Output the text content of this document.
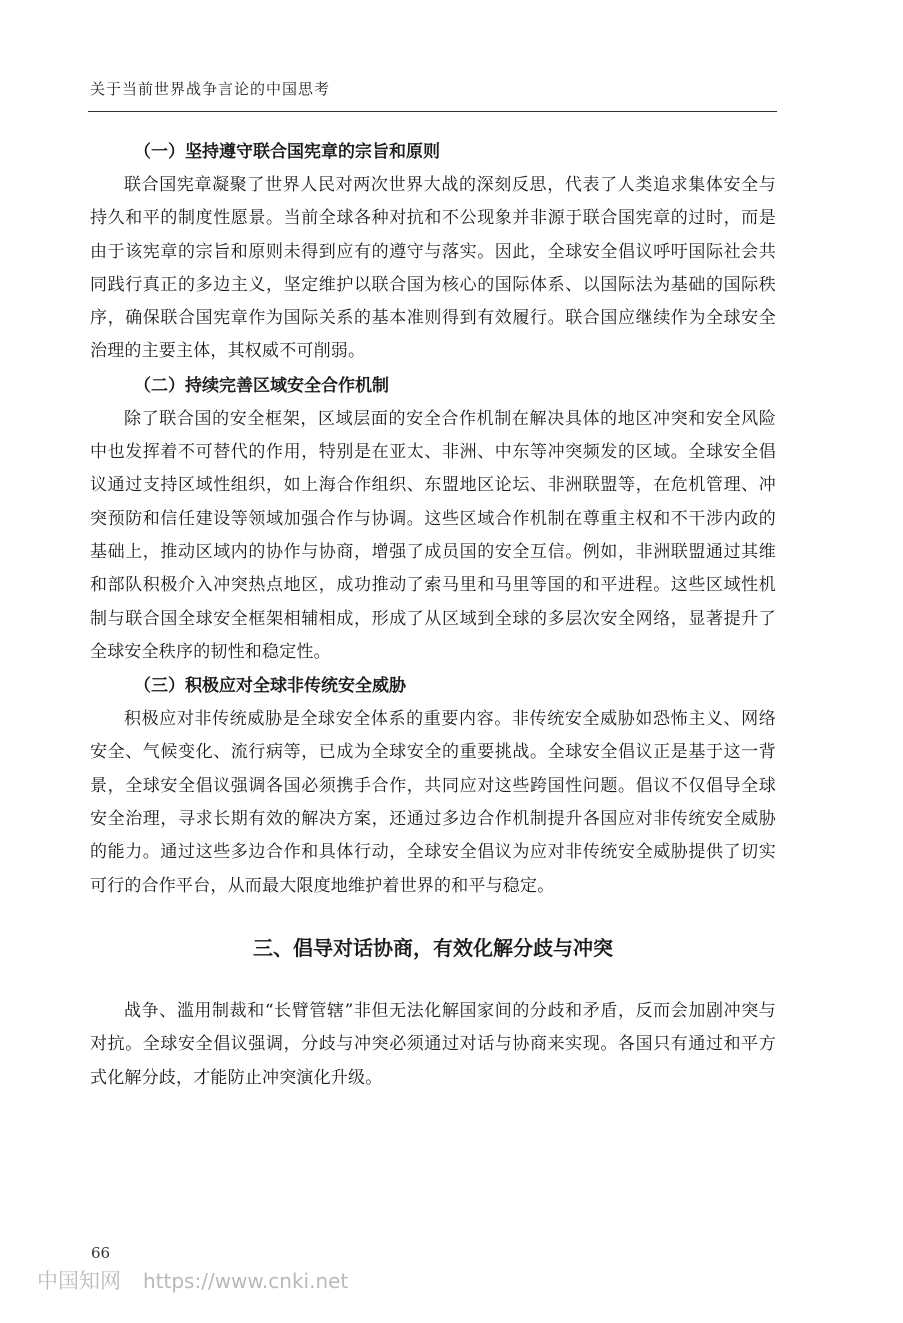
关于当前世界战争言论的中国思考
（一）坚持遵守联合国宪章的宗旨和原则

联合国宪章凝聚了世界人民对两次世界大战的深刻反思，代表了人类追求集体安全与持久和平的制度性愿景。当前全球各种对抗和不公现象并非源于联合国宪章的过时，而是由于该宪章的宗旨和原则未得到应有的遵守与落实。因此，全球安全倡议呼吁国际社会共同践行真正的多边主义，坚定维护以联合国为核心的国际体系、以国际法为基础的国际秩序，确保联合国宪章作为国际关系的基本准则得到有效履行。联合国应继续作为全球安全治理的主要主体，其权威不可削弱。

（二）持续完善区域安全合作机制

除了联合国的安全框架，区域层面的安全合作机制在解决具体的地区冲突和安全风险中也发挥着不可替代的作用，特别是在亚太、非洲、中东等冲突频发的区域。全球安全倡议通过支持区域性组织，如上海合作组织、东盟地区论坛、非洲联盟等，在危机管理、冲突预防和信任建设等领域加强合作与协调。这些区域合作机制在尊重主权和不干涉内政的基础上，推动区域内的协作与协商，增强了成员国的安全互信。例如，非洲联盟通过其维和部队积极介入冲突热点地区，成功推动了索马里和马里等国的和平进程。这些区域性机制与联合国全球安全框架相辅相成，形成了从区域到全球的多层次安全网络，显著提升了全球安全秩序的韧性和稳定性。

（三）积极应对全球非传统安全威胁

积极应对非传统威胁是全球安全体系的重要内容。非传统安全威胁如恐怖主义、网络安全、气候变化、流行病等，已成为全球安全的重要挑战。全球安全倡议正是基于这一背景，全球安全倡议强调各国必须携手合作，共同应对这些跨国性问题。倡议不仅倡导全球安全治理，寻求长期有效的解决方案，还通过多边合作机制提升各国应对非传统安全威胁的能力。通过这些多边合作和具体行动，全球安全倡议为应对非传统安全威胁提供了切实可行的合作平台，从而最大限度地维护着世界的和平与稳定。

三、倡导对话协商，有效化解分歧与冲突

战争、滥用制裁和“长臂管辖”非但无法化解国家间的分歧和矛盾，反而会加剧冲突与对抗。全球安全倡议强调，分歧与冲突必须通过对话与协商来实现。各国只有通过和平方式化解分歧，才能防止冲突演化升级。

66
中国知网 https://www.cnki.net
